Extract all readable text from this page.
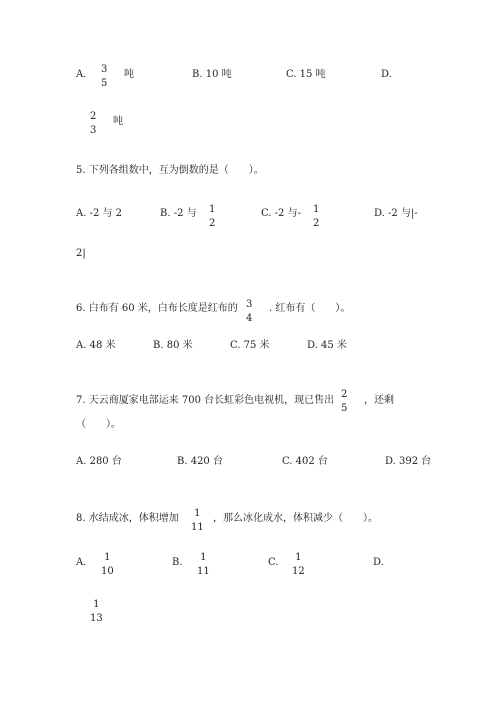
A. 3
5
吨	B. 10 吨	C. 15 吨	D.
2
3
吨
5. 下列各组数中，互为倒数的是（　　）。
A. -2 与 2	B. -2 与 1
2
C. -2 与- 1
2
D. -2 与|-
2|
6. 白布有 60 米，白布长度是红布的 3
4
. 红布有（　　）。
A. 48 米	B. 80 米	C. 75 米	D. 45 米
7. 天云商厦家电部运来 700 台长虹彩色电视机，现已售出
2
5
，还剩
（　　）。
A. 280 台	B. 420 台	C. 402 台	D. 392 台
8. 水结成冰，体积增加 1
11
，那么冰化成水，体积减少（　　）。
A. 1
10
B. 1
11
C. 1
12
D.
1
13
